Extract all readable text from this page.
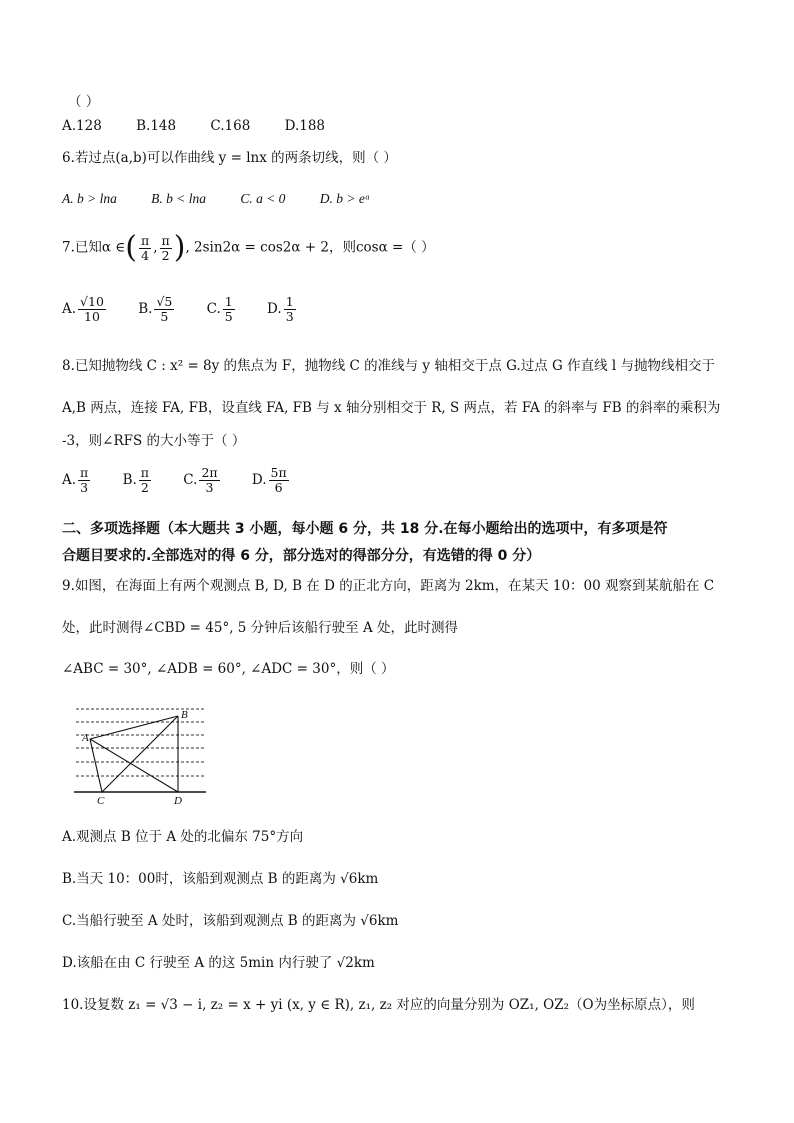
（ ）
A.128	B.148	C.168	D.188
6.若过点(a,b)可以作曲线 y = lnx 的两条切线，则（ ）
A. b > lna	B. b < lna	C. a < 0	D. b > eᵃ
7.已知α ∈( $\frac{\pi}{4}$ , $\frac{\pi}{2}$ ), 2sin2α = cos2α + 2，则cosα =（ ）
A. $\frac{√10}{10}$
B. $\frac{√5}{5}$
C. $\frac{1}{5}$
D. $\frac{1}{3}$
8.已知抛物线 C : x² = 8y 的焦点为 F，抛物线 C 的准线与 y 轴相交于点 G.过点 G 作直线 l 与抛物线相交于
A,B 两点，连接 FA, FB，设直线 FA, FB 与 x 轴分别相交于 R, S 两点，若 FA 的斜率与 FB 的斜率的乘积为
-3，则∠RFS 的大小等于（ ）
A. $\frac{\pi}{3}$
B. $\frac{\pi}{2}$
C. $\frac{2\pi}{3}$
D. $\frac{5\pi}{6}$
二、多项选择题（本大题共 3 小题，每小题 6 分，共 18 分.在每小题给出的选项中，有多项是符
合题目要求的.全部选对的得 6 分，部分选对的得部分分，有选错的得 0 分）
9.如图，在海面上有两个观测点 B, D, B 在 D 的正北方向，距离为 2km，在某天 10：00 观察到某航船在 C
处，此时测得∠CBD = 45°, 5 分钟后该船行驶至 A 处，此时测得
∠ABC = 30°, ∠ADB = 60°, ∠ADC = 30°，则（ ）
A
B
C	D
A.观测点 B 位于 A 处的北偏东 75°方向
B.当天 10：00时，该船到观测点 B 的距离为 √6km
C.当船行驶至 A 处时，该船到观测点 B 的距离为 √6km
D.该船在由 C 行驶至 A 的这 5min 内行驶了 √2km
10.设复数 z₁ = √3 − i, z₂ = x + yi (x, y ∈ R), z₁, z₂ 对应的向量分别为 OZ₁, OZ₂（O为坐标原点），则
